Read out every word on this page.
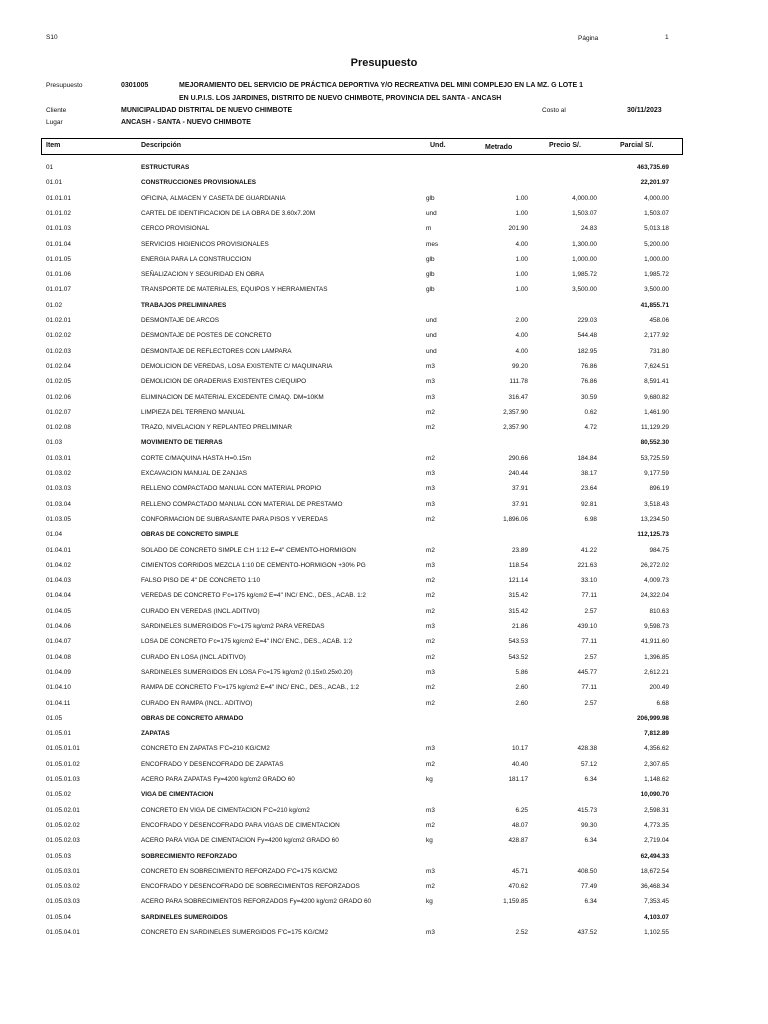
S10	Página	1
Presupuesto
Presupuesto	0301005	MEJORAMIENTO DEL SERVICIO DE PRÁCTICA DEPORTIVA Y/O RECREATIVA DEL MINI COMPLEJO EN LA MZ. G LOTE 1
EN U.P.I.S. LOS JARDINES, DISTRITO DE NUEVO CHIMBOTE, PROVINCIA DEL SANTA - ANCASH
Cliente	MUNICIPALIDAD DISTRITAL DE NUEVO CHIMBOTE	Costo al	30/11/2023
Lugar	ANCASH - SANTA - NUEVO CHIMBOTE
Item	Descripción	Und.	Metrado	Precio S/.	Parcial S/.
01	ESTRUCTURAS	463,735.69
01.01	CONSTRUCCIONES PROVISIONALES	22,201.97
01.01.01	OFICINA, ALMACEN Y CASETA DE GUARDIANIA	glb	1.00	4,000.00	4,000.00
01.01.02	CARTEL DE IDENTIFICACION DE LA OBRA DE 3.60x7.20M	und	1.00	1,503.07	1,503.07
01.01.03	CERCO PROVISIONAL	m	201.90	24.83	5,013.18
01.01.04	SERVICIOS HIGIENICOS PROVISIONALES	mes	4.00	1,300.00	5,200.00
01.01.05	ENERGIA PARA LA CONSTRUCCION	glb	1.00	1,000.00	1,000.00
01.01.06	SEÑALIZACION Y SEGURIDAD EN OBRA	glb	1.00	1,985.72	1,985.72
01.01.07	TRANSPORTE DE MATERIALES, EQUIPOS Y HERRAMIENTAS	glb	1.00	3,500.00	3,500.00
01.02	TRABAJOS PRELIMINARES	41,855.71
01.02.01	DESMONTAJE DE ARCOS	und	2.00	229.03	458.06
01.02.02	DESMONTAJE DE POSTES DE CONCRETO	und	4.00	544.48	2,177.92
01.02.03	DESMONTAJE DE REFLECTORES CON LAMPARA	und	4.00	182.95	731.80
01.02.04	DEMOLICION DE VEREDAS, LOSA EXISTENTE C/ MAQUINARIA	m3	99.20	76.86	7,624.51
01.02.05	DEMOLICION DE GRADERIAS EXISTENTES C/EQUIPO	m3	111.78	76.86	8,591.41
01.02.06	ELIMINACION DE MATERIAL EXCEDENTE C/MAQ. DM=10KM	m3	316.47	30.59	9,680.82
01.02.07	LIMPIEZA DEL TERRENO MANUAL	m2	2,357.90	0.62	1,461.90
01.02.08	TRAZO, NIVELACION Y REPLANTEO PRELIMINAR	m2	2,357.90	4.72	11,129.29
01.03	MOVIMIENTO DE TIERRAS	80,552.30
01.03.01	CORTE C/MAQUINA HASTA H=0.15m	m2	290.66	184.84	53,725.59
01.03.02	EXCAVACION MANUAL DE ZANJAS	m3	240.44	38.17	9,177.59
01.03.03	RELLENO COMPACTADO MANUAL CON MATERIAL PROPIO	m3	37.91	23.64	896.19
01.03.04	RELLENO COMPACTADO MANUAL CON MATERIAL DE PRESTAMO	m3	37.91	92.81	3,518.43
01.03.05	CONFORMACION DE SUBRASANTE PARA PISOS Y VEREDAS	m2	1,896.06	6.98	13,234.50
01.04	OBRAS DE CONCRETO SIMPLE	112,125.73
01.04.01	SOLADO DE CONCRETO SIMPLE C:H 1:12 E=4" CEMENTO-HORMIGON	m2	23.89	41.22	984.75
01.04.02	CIMIENTOS CORRIDOS MEZCLA 1:10 DE CEMENTO-HORMIGON +30% PG	m3	118.54	221.63	26,272.02
01.04.03	FALSO PISO DE 4" DE CONCRETO 1:10	m2	121.14	33.10	4,009.73
01.04.04	VEREDAS DE CONCRETO F'c=175 kg/cm2 E=4" INC/ ENC., DES., ACAB. 1:2	m2	315.42	77.11	24,322.04
01.04.05	CURADO EN VEREDAS (INCL.ADITIVO)	m2	315.42	2.57	810.63
01.04.06	SARDINELES SUMERGIDOS F'c=175 kg/cm2 PARA VEREDAS	m3	21.86	439.10	9,598.73
01.04.07	LOSA DE CONCRETO F'c=175 kg/cm2 E=4" INC/ ENC., DES., ACAB. 1:2	m2	543.53	77.11	41,911.60
01.04.08	CURADO EN LOSA (INCL.ADITIVO)	m2	543.52	2.57	1,396.85
01.04.09	SARDINELES SUMERGIDOS EN LOSA F'c=175 kg/cm2 (0.15x0.25x0.20)	m3	5.86	445.77	2,612.21
01.04.10	RAMPA DE CONCRETO F'c=175 kg/cm2 E=4" INC/ ENC., DES., ACAB., 1:2	m2	2.60	77.11	200.49
01.04.11	CURADO EN RAMPA (INCL. ADITIVO)	m2	2.60	2.57	6.68
01.05	OBRAS DE CONCRETO ARMADO	206,999.98
01.05.01	ZAPATAS	7,812.89
01.05.01.01	CONCRETO EN ZAPATAS F'C=210 KG/CM2	m3	10.17	428.38	4,356.62
01.05.01.02	ENCOFRADO Y DESENCOFRADO DE ZAPATAS	m2	40.40	57.12	2,307.65
01.05.01.03	ACERO PARA ZAPATAS Fy=4200 kg/cm2 GRADO 60	kg	181.17	6.34	1,148.62
01.05.02	VIGA DE CIMENTACION	10,090.70
01.05.02.01	CONCRETO EN VIGA DE CIMENTACION F'C=210 kg/cm2	m3	6.25	415.73	2,598.31
01.05.02.02	ENCOFRADO Y DESENCOFRADO PARA VIGAS DE CIMENTACION	m2	48.07	99.30	4,773.35
01.05.02.03	ACERO PARA VIGA DE CIMENTACION Fy=4200 kg/cm2 GRADO 60	kg	428.87	6.34	2,719.04
01.05.03	SOBRECIMIENTO REFORZADO	62,494.33
01.05.03.01	CONCRETO EN SOBRECIMIENTO REFORZADO F'C=175 KG/CM2	m3	45.71	408.50	18,672.54
01.05.03.02	ENCOFRADO Y DESENCOFRADO DE SOBRECIMIENTOS REFORZADOS	m2	470.62	77.49	36,468.34
01.05.03.03	ACERO PARA SOBRECIMIENTOS REFORZADOS Fy=4200 kg/cm2 GRADO 60	kg	1,159.85	6.34	7,353.45
01.05.04	SARDINELES SUMERGIDOS	4,103.07
01.05.04.01	CONCRETO EN SARDINELES SUMERGIDOS F'C=175 KG/CM2	m3	2.52	437.52	1,102.55
